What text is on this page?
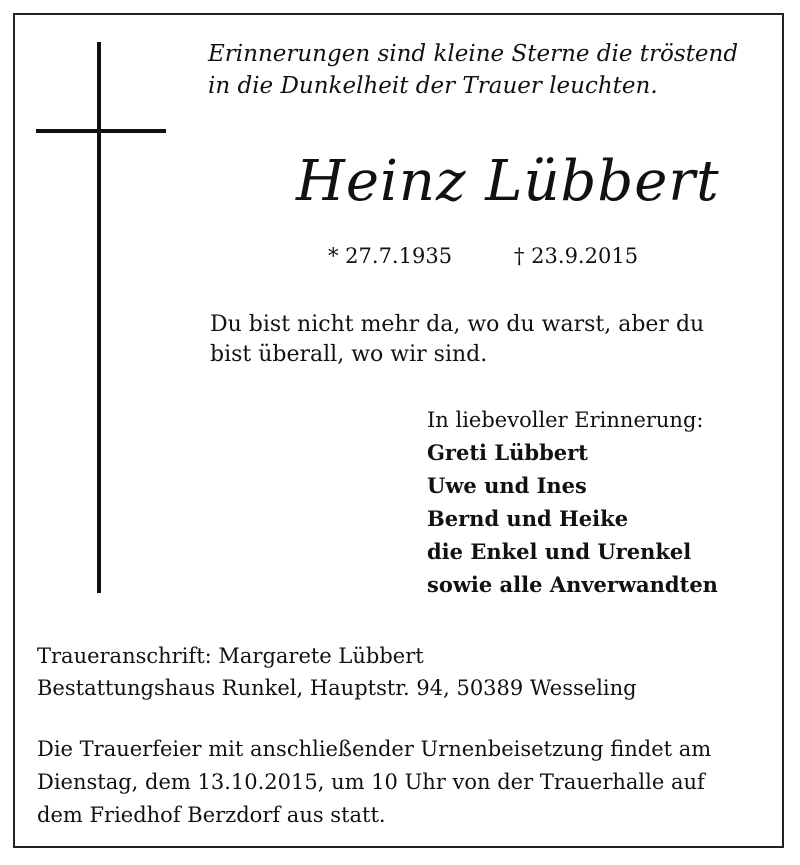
Erinnerungen sind kleine Sterne die tröstend
in die Dunkelheit der Trauer leuchten.
Heinz Lübbert
* 27.7.1935	† 23.9.2015
Du bist nicht mehr da, wo du warst, aber du
bist überall, wo wir sind.
In liebevoller Erinnerung:
Greti Lübbert
Uwe und Ines
Bernd und Heike
die Enkel und Urenkel
sowie alle Anverwandten
Traueranschrift: Margarete Lübbert
Bestattungshaus Runkel, Hauptstr. 94, 50389 Wesseling
Die Trauerfeier mit anschließender Urnenbeisetzung findet am
Dienstag, dem 13.10.2015, um 10 Uhr von der Trauerhalle auf
dem Friedhof Berzdorf aus statt.
